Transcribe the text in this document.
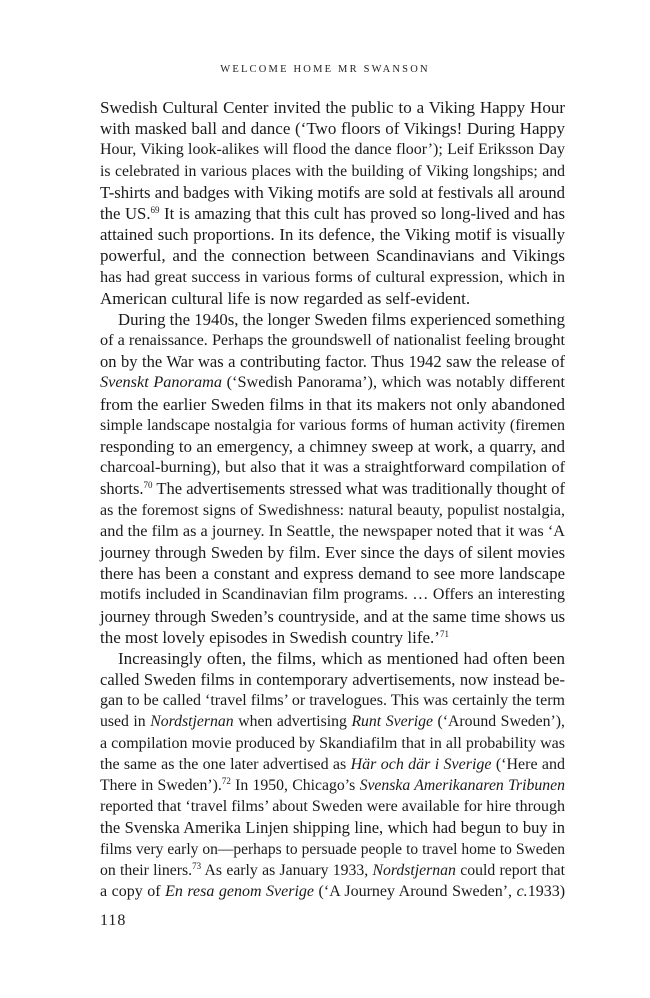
WELCOME HOME MR SWANSON

Swedish Cultural Center invited the public to a Viking Happy Hour
with masked ball and dance (‘Two floors of Vikings! During Happy
Hour, Viking look-alikes will flood the dance floor’); Leif Eriksson Day
is celebrated in various places with the building of Viking longships; and
T-shirts and badges with Viking motifs are sold at festivals all around
the US.$^{69}$ It is amazing that this cult has proved so long-lived and has
attained such proportions. In its defence, the Viking motif is visually
powerful, and the connection between Scandinavians and Vikings
has had great success in various forms of cultural expression, which in
American cultural life is now regarded as self-evident.

During the 1940s, the longer Sweden films experienced something
of a renaissance. Perhaps the groundswell of nationalist feeling brought
on by the War was a contributing factor. Thus 1942 saw the release of
Svenskt Panorama (‘Swedish Panorama’), which was notably different
from the earlier Sweden films in that its makers not only abandoned
simple landscape nostalgia for various forms of human activity (firemen
responding to an emergency, a chimney sweep at work, a quarry, and
charcoal-burning), but also that it was a straightforward compilation of
shorts.$^{70}$ The advertisements stressed what was traditionally thought of
as the foremost signs of Swedishness: natural beauty, populist nostalgia,
and the film as a journey. In Seattle, the newspaper noted that it was ‘A
journey through Sweden by film. Ever since the days of silent movies
there has been a constant and express demand to see more landscape
motifs included in Scandinavian film programs. … Offers an interesting
journey through Sweden’s countryside, and at the same time shows us
the most lovely episodes in Swedish country life.’$^{71}$

Increasingly often, the films, which as mentioned had often been
called Sweden films in contemporary advertisements, now instead be-
gan to be called ‘travel films’ or travelogues. This was certainly the term
used in Nordstjernan when advertising Runt Sverige (‘Around Sweden’),
a compilation movie produced by Skandiafilm that in all probability was
the same as the one later advertised as Här och där i Sverige (‘Here and
There in Sweden’).$^{72}$ In 1950, Chicago’s Svenska Amerikanaren Tribunen
reported that ‘travel films’ about Sweden were available for hire through
the Svenska Amerika Linjen shipping line, which had begun to buy in
films very early on—perhaps to persuade people to travel home to Sweden
on their liners.$^{73}$ As early as January 1933, Nordstjernan could report that
a copy of En resa genom Sverige (‘A Journey Around Sweden’, c.1933)

118
